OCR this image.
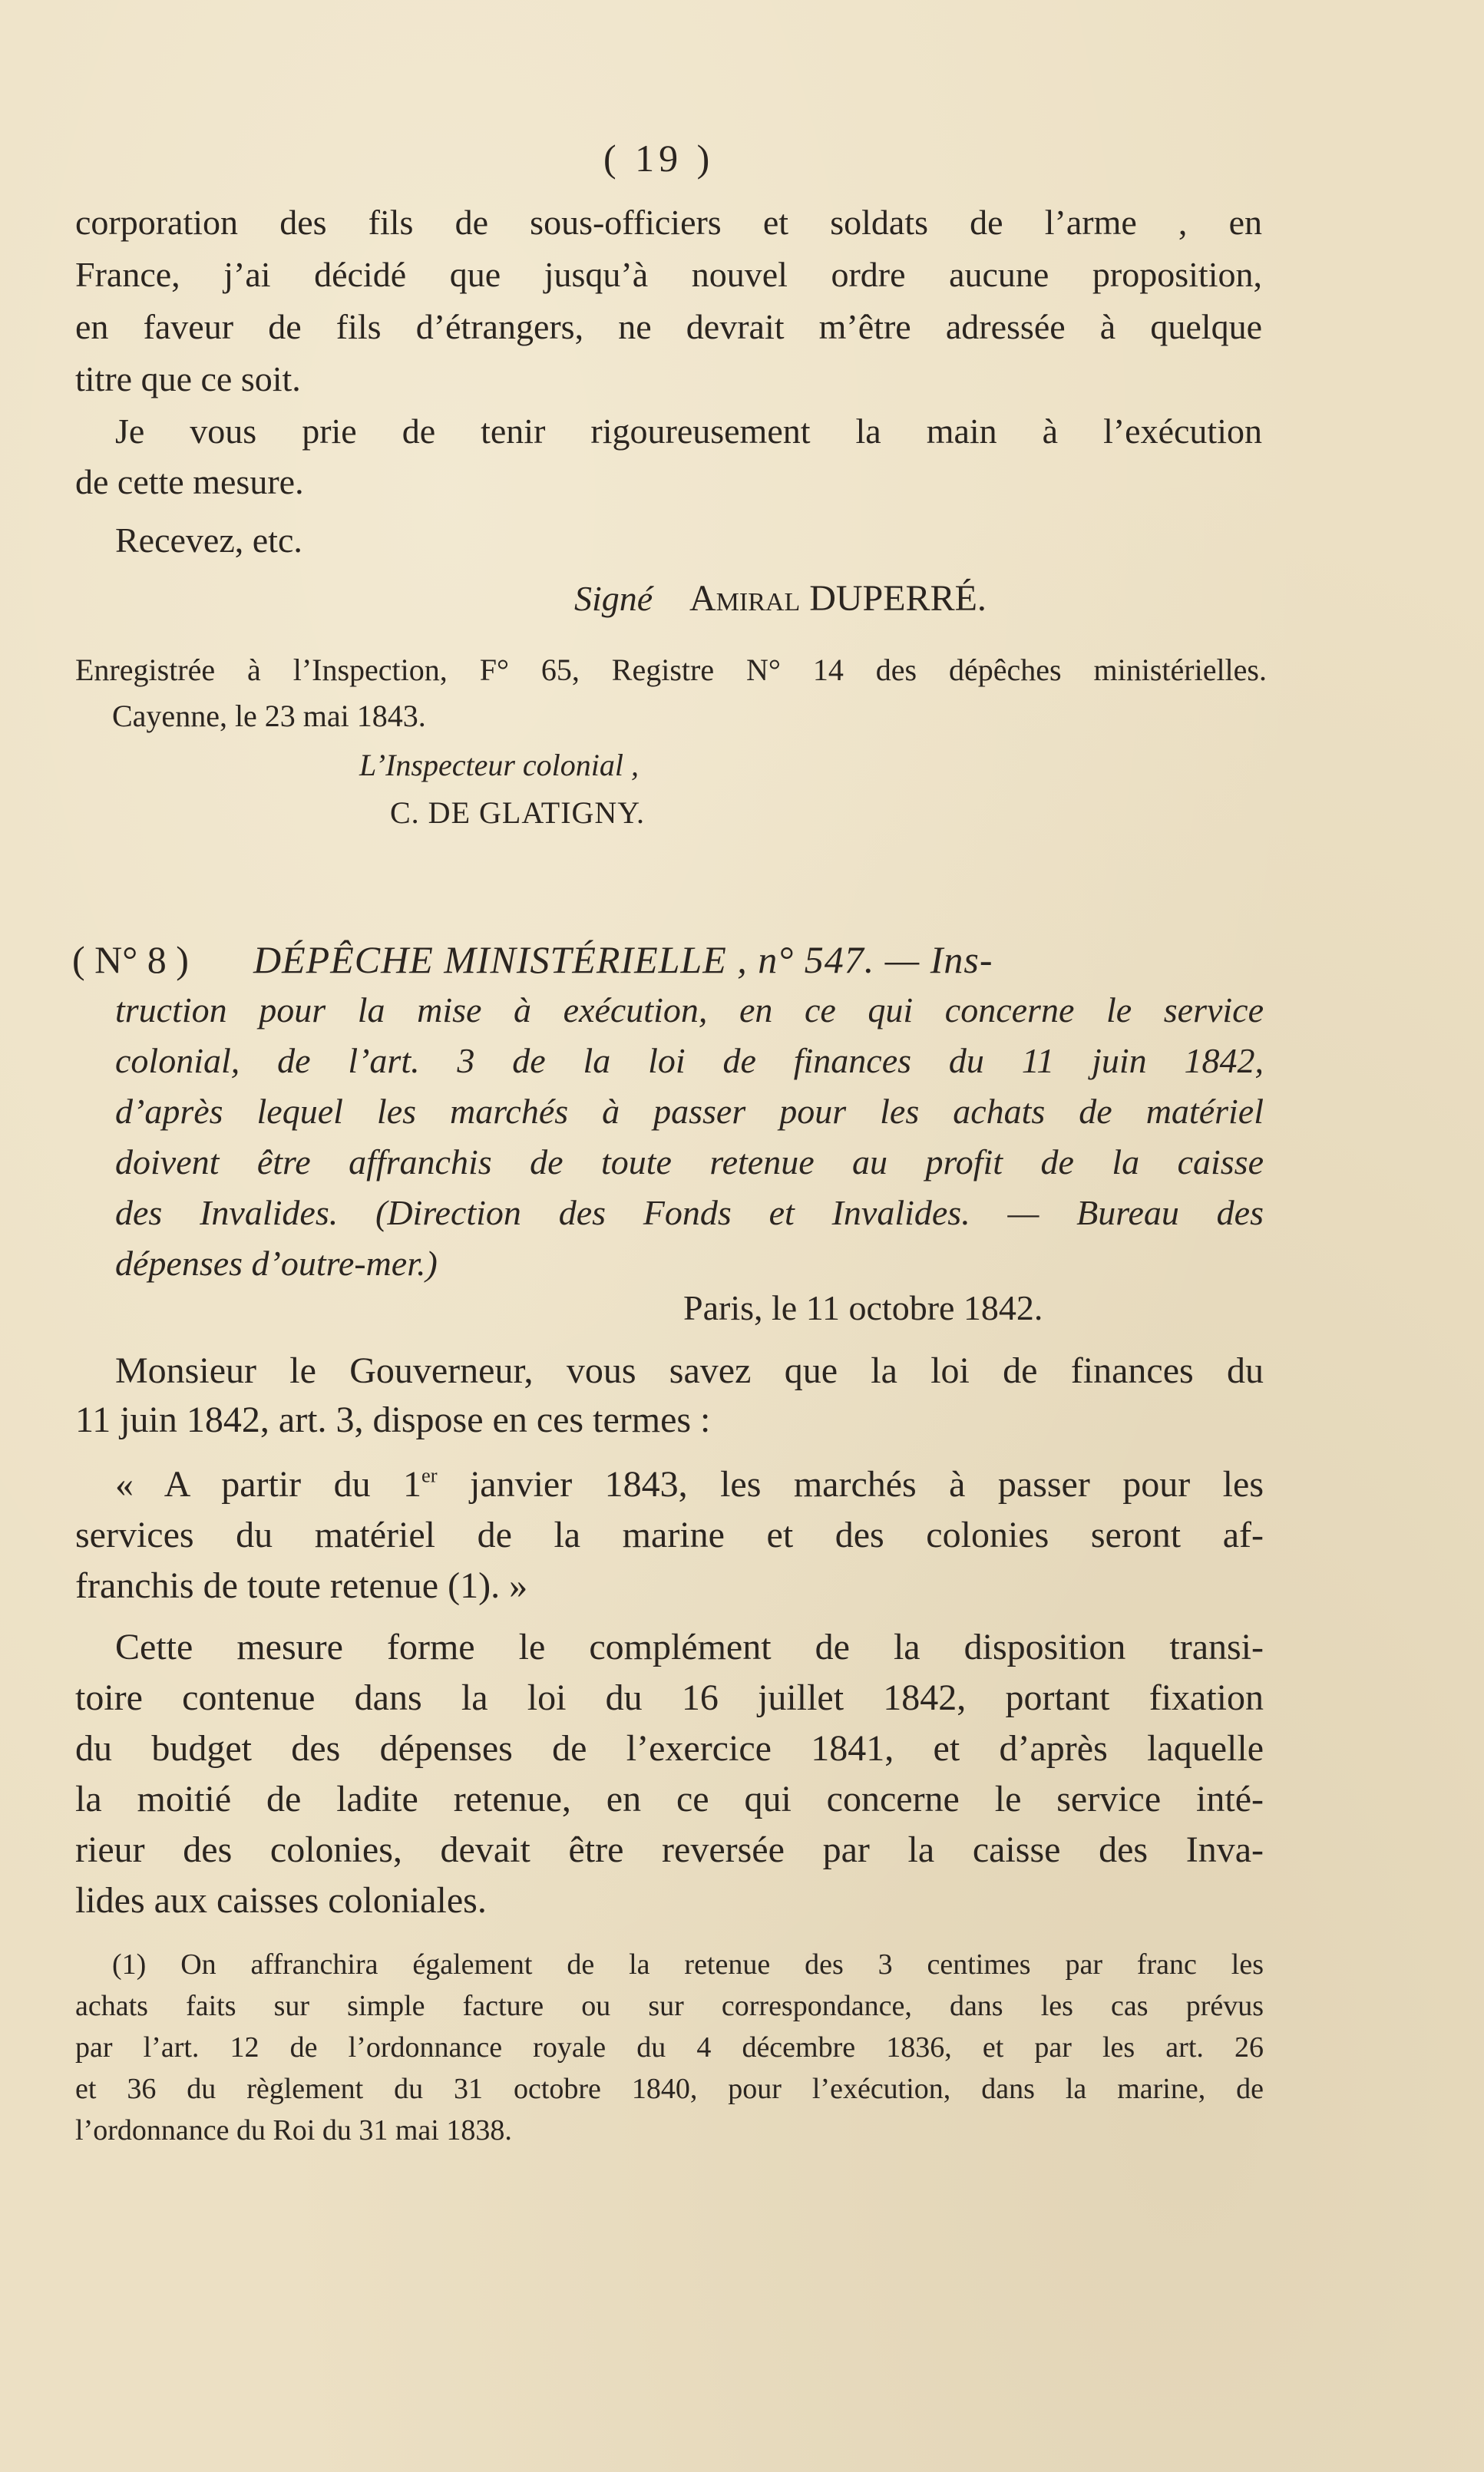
( 19 )
corporation des fils de sous-officiers et soldats de l’arme , en
France, j’ai décidé que jusqu’à nouvel ordre aucune proposition,
en faveur de fils d’étrangers, ne devrait m’être adressée à quelque
titre que ce soit.
Je vous prie de tenir rigoureusement la main à l’exécution
de cette mesure.
Recevez, etc.
Signé Amiral DUPERRÉ.
Enregistrée à l’Inspection, F° 65, Registre N° 14 des dépêches ministérielles.
Cayenne, le 23 mai 1843.
L’Inspecteur colonial ,
C. DE GLATIGNY.
( N° 8 ) DÉPÊCHE MINISTÉRIELLE , n° 547. — Ins-
truction pour la mise à exécution, en ce qui concerne le service
colonial, de l’art. 3 de la loi de finances du 11 juin 1842,
d’après lequel les marchés à passer pour les achats de matériel
doivent être affranchis de toute retenue au profit de la caisse
des Invalides. (Direction des Fonds et Invalides. — Bureau des
dépenses d’outre-mer.)
Paris, le 11 octobre 1842.
Monsieur le Gouverneur, vous savez que la loi de finances du
11 juin 1842, art. 3, dispose en ces termes :
« A partir du 1er janvier 1843, les marchés à passer pour les
services du matériel de la marine et des colonies seront af-
franchis de toute retenue (1). »
Cette mesure forme le complément de la disposition transi-
toire contenue dans la loi du 16 juillet 1842, portant fixation
du budget des dépenses de l’exercice 1841, et d’après laquelle
la moitié de ladite retenue, en ce qui concerne le service inté-
rieur des colonies, devait être reversée par la caisse des Inva-
lides aux caisses coloniales.
(1) On affranchira également de la retenue des 3 centimes par franc les
achats faits sur simple facture ou sur correspondance, dans les cas prévus
par l’art. 12 de l’ordonnance royale du 4 décembre 1836, et par les art. 26
et 36 du règlement du 31 octobre 1840, pour l’exécution, dans la marine, de
l’ordonnance du Roi du 31 mai 1838.
